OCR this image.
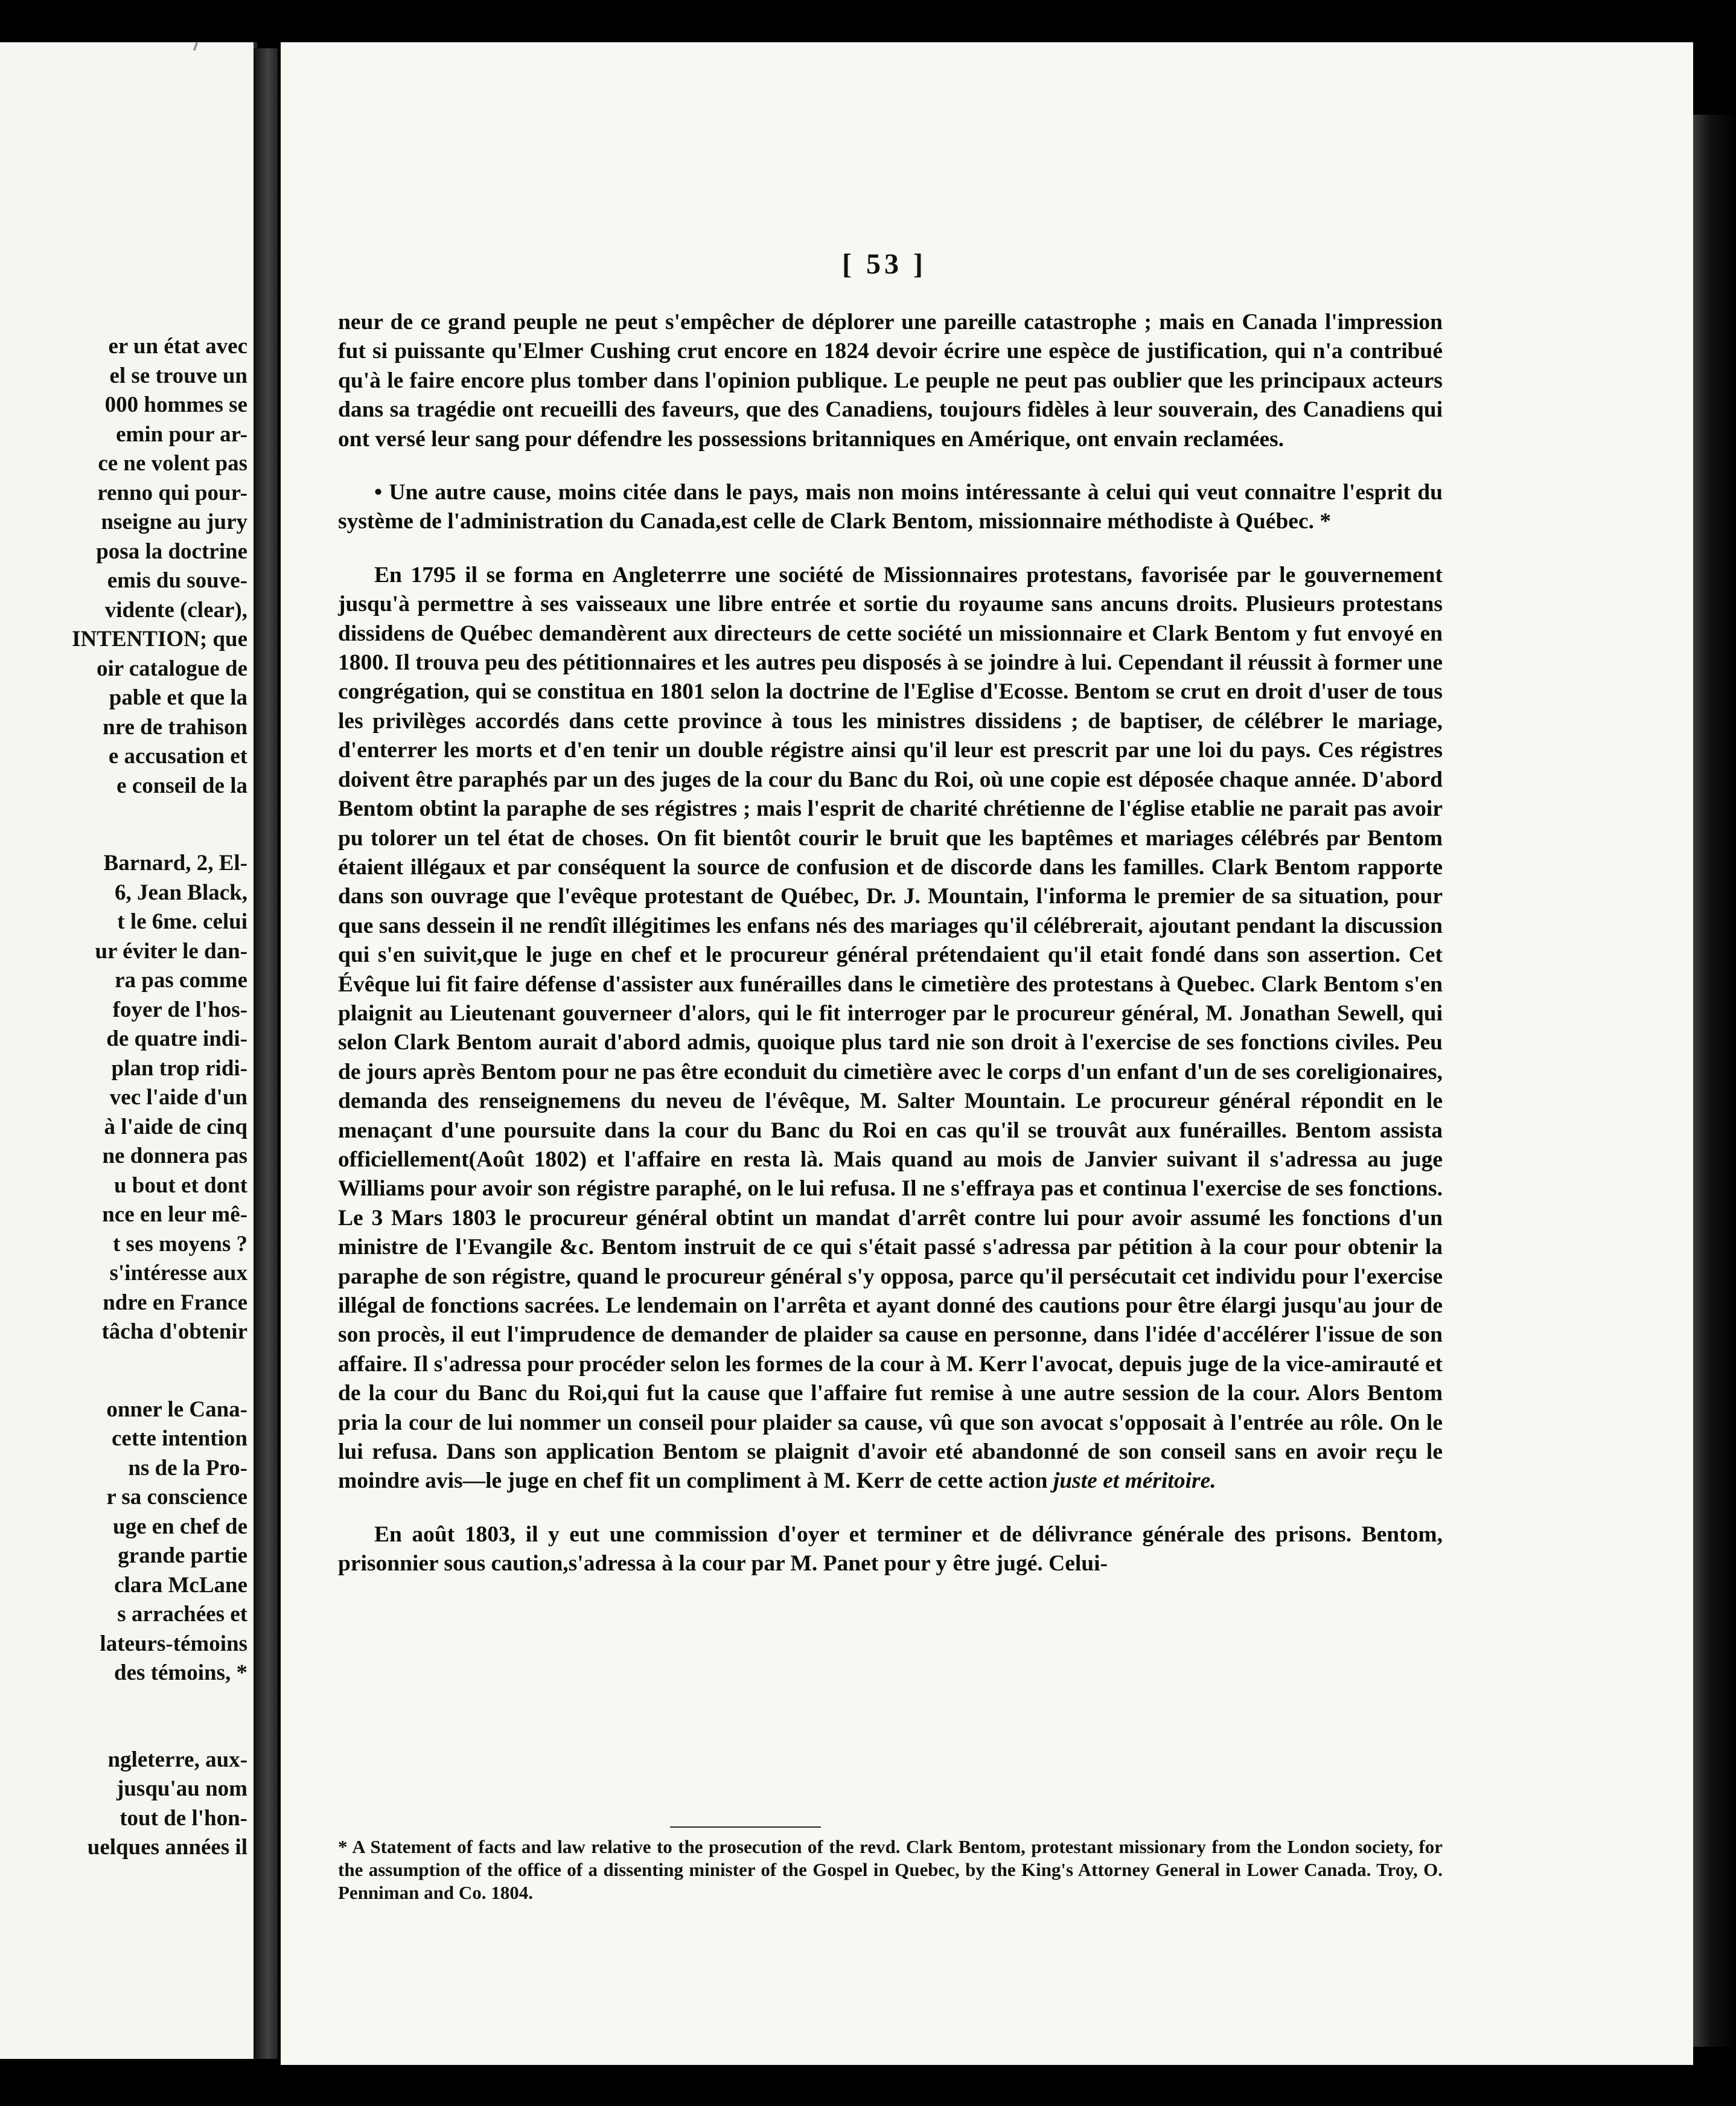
er un état avec
el se trouve un
000 hommes se
emin pour ar-
ce ne volent pas
renno qui pour-
nseigne au jury
posa la doctrine
emis du souve-
vidente (clear),
INTENTION; que
oir catalogue de
pable et que la
nre de trahison
e accusation et
e conseil de la
Barnard, 2, El-
6, Jean Black,
t le 6me. celui
ur éviter le dan-
ra pas comme
foyer de l'hos-
de quatre indi-
plan trop ridi-
vec l'aide d'un
à l'aide de cinq
ne donnera pas
u bout et dont
nce en leur mê-
t ses moyens ?
s'intéresse aux
ndre en France
tâcha d'obtenir
onner le Cana-
cette intention
ns de la Pro-
r sa conscience
uge en chef de
grande partie
clara McLane
s arrachées et
lateurs-témoins
des témoins, *
ngleterre, aux-
jusqu'au nom
tout de l'hon-
uelques années il
[ 53 ]

neur de ce grand peuple ne peut s'empêcher de déplorer une pareille catastrophe ; mais en Canada l'impression fut si puissante qu'Elmer Cushing crut encore en 1824 devoir écrire une espèce de justification, qui n'a contribué qu'à le faire encore plus tomber dans l'opinion publique. Le peuple ne peut pas oublier que les principaux acteurs dans sa tragédie ont recueilli des faveurs, que des Canadiens, toujours fidèles à leur souverain, des Canadiens qui ont versé leur sang pour défendre les possessions britanniques en Amérique, ont envain reclamées.

• Une autre cause, moins citée dans le pays, mais non moins intéressante à celui qui veut connaitre l'esprit du système de l'administration du Canada,est celle de Clark Bentom, missionnaire méthodiste à Québec. *

En 1795 il se forma en Angleterrre une société de Missionnaires protestans, favorisée par le gouvernement jusqu'à permettre à ses vaisseaux une libre entrée et sortie du royaume sans ancuns droits. Plusieurs protestans dissidens de Québec demandèrent aux directeurs de cette société un missionnaire et Clark Bentom y fut envoyé en 1800. Il trouva peu des pétitionnaires et les autres peu disposés à se joindre à lui. Cependant il réussit à former une congrégation, qui se constitua en 1801 selon la doctrine de l'Eglise d'Ecosse. Bentom se crut en droit d'user de tous les privilèges accordés dans cette province à tous les ministres dissidens ; de baptiser, de célébrer le mariage, d'enterrer les morts et d'en tenir un double régistre ainsi qu'il leur est prescrit par une loi du pays. Ces régistres doivent être paraphés par un des juges de la cour du Banc du Roi, où une copie est déposée chaque année. D'abord Bentom obtint la paraphe de ses régistres ; mais l'esprit de charité chrétienne de l'église etablie ne parait pas avoir pu tolorer un tel état de choses. On fit bientôt courir le bruit que les baptêmes et mariages célébrés par Bentom étaient illégaux et par conséquent la source de confusion et de discorde dans les familles. Clark Bentom rapporte dans son ouvrage que l'evêque protestant de Québec, Dr. J. Mountain, l'informa le premier de sa situation, pour que sans dessein il ne rendît illégitimes les enfans nés des mariages qu'il célébrerait, ajoutant pendant la discussion qui s'en suivit,que le juge en chef et le procureur général prétendaient qu'il etait fondé dans son assertion. Cet Évêque lui fit faire défense d'assister aux funérailles dans le cimetière des protestans à Quebec. Clark Bentom s'en plaignit au Lieutenant gouverneer d'alors, qui le fit interroger par le procureur général, M. Jonathan Sewell, qui selon Clark Bentom aurait d'abord admis, quoique plus tard nie son droit à l'exercise de ses fonctions civiles. Peu de jours après Bentom pour ne pas être econduit du cimetière avec le corps d'un enfant d'un de ses coreligionaires, demanda des renseignemens du neveu de l'évêque, M. Salter Mountain. Le procureur général répondit en le menaçant d'une poursuite dans la cour du Banc du Roi en cas qu'il se trouvât aux funérailles. Bentom assista officiellement(Août 1802) et l'affaire en resta là. Mais quand au mois de Janvier suivant il s'adressa au juge Williams pour avoir son régistre paraphé, on le lui refusa. Il ne s'effraya pas et continua l'exercise de ses fonctions. Le 3 Mars 1803 le procureur général obtint un mandat d'arrêt contre lui pour avoir assumé les fonctions d'un ministre de l'Evangile &c. Bentom instruit de ce qui s'était passé s'adressa par pétition à la cour pour obtenir la paraphe de son régistre, quand le procureur général s'y opposa, parce qu'il persécutait cet individu pour l'exercise illégal de fonctions sacrées. Le lendemain on l'arrêta et ayant donné des cautions pour être élargi jusqu'au jour de son procès, il eut l'imprudence de demander de plaider sa cause en personne, dans l'idée d'accélérer l'issue de son affaire. Il s'adressa pour procéder selon les formes de la cour à M. Kerr l'avocat, depuis juge de la vice-amirauté et de la cour du Banc du Roi,qui fut la cause que l'affaire fut remise à une autre session de la cour. Alors Bentom pria la cour de lui nommer un conseil pour plaider sa cause, vû que son avocat s'opposait à l'entrée au rôle. On le lui refusa. Dans son application Bentom se plaignit d'avoir eté abandonné de son conseil sans en avoir reçu le moindre avis—le juge en chef fit un compliment à M. Kerr de cette action juste et méritoire.

En août 1803, il y eut une commission d'oyer et terminer et de délivrance générale des prisons. Bentom, prisonnier sous caution,s'adressa à la cour par M. Panet pour y être jugé. Celui-

* A Statement of facts and law relative to the prosecution of the revd. Clark Bentom, protestant missionary from the London society, for the assumption of the office of a dissenting minister of the Gospel in Quebec, by the King's Attorney General in Lower Canada. Troy, O. Penniman and Co. 1804.
